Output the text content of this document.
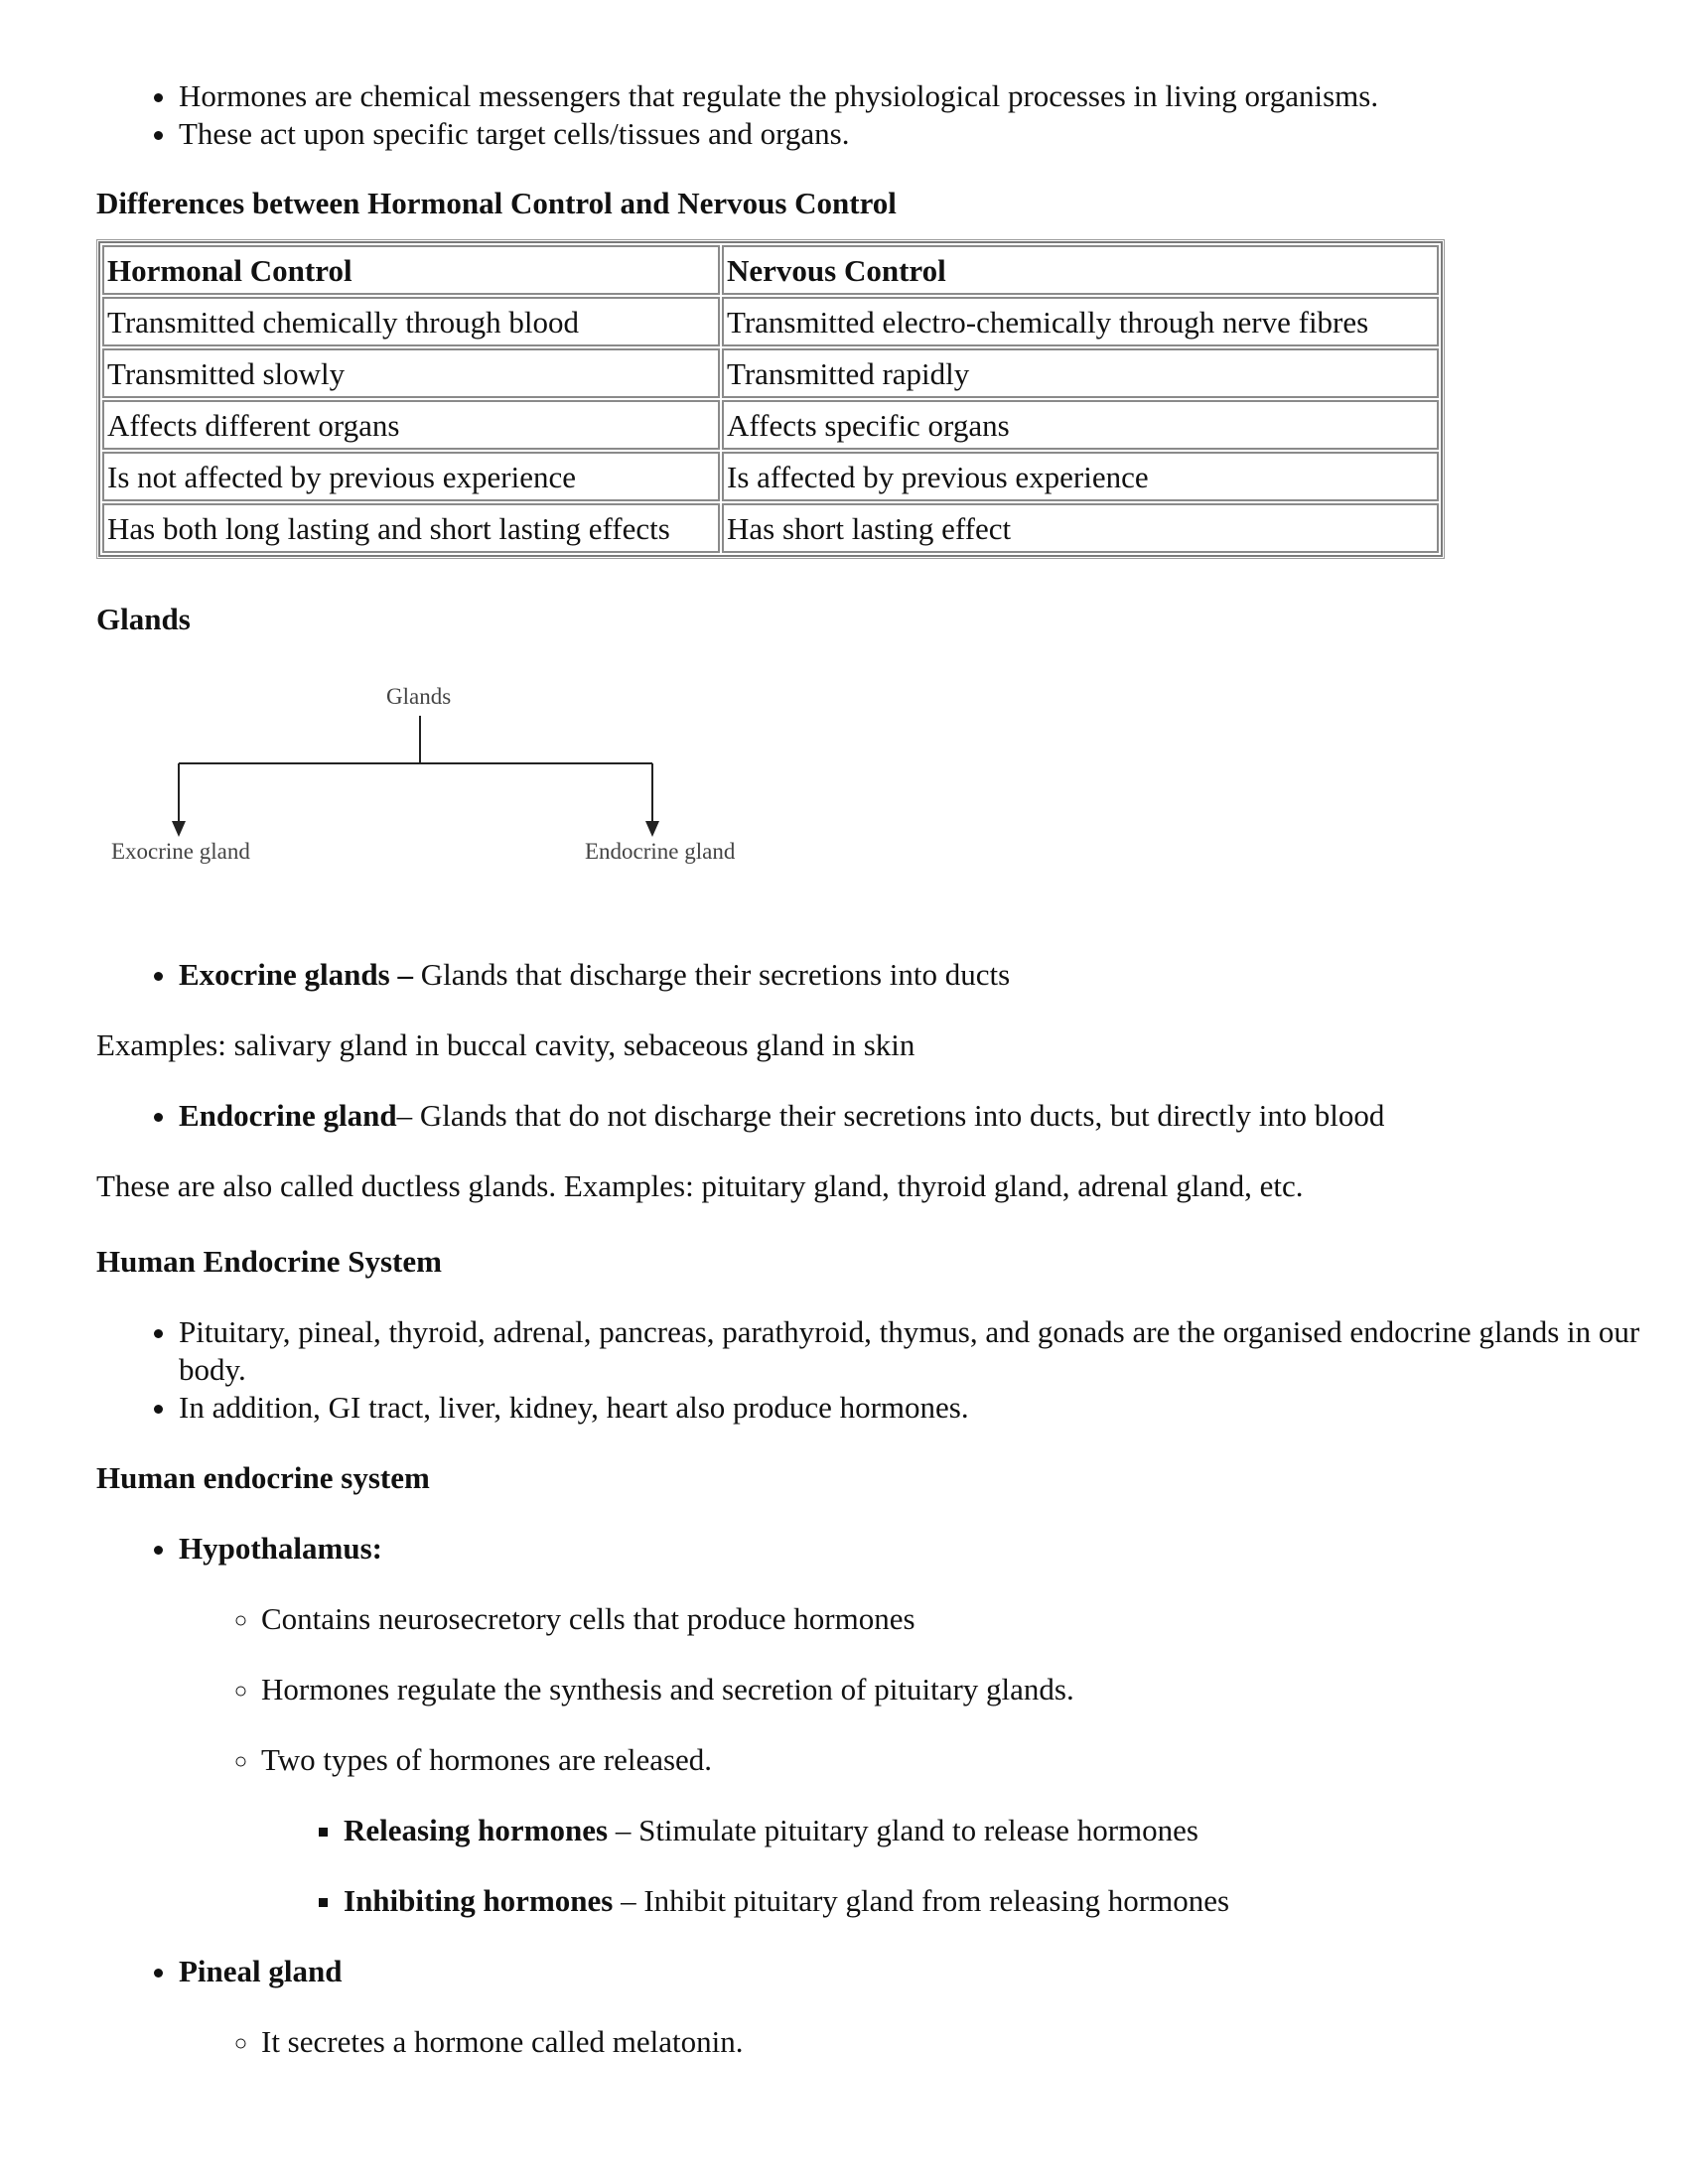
• Hormones are chemical messengers that regulate the physiological processes in living organisms.
• These act upon specific target cells/tissues and organs.

Differences between Hormonal Control and Nervous Control

Hormonal Control	Nervous Control
Transmitted chemically through blood	Transmitted electro-chemically through nerve fibres
Transmitted slowly	Transmitted rapidly
Affects different organs	Affects specific organs
Is not affected by previous experience	Is affected by previous experience
Has both long lasting and short lasting effects	Has short lasting effect

Glands

Glands
Exocrine gland	Endocrine gland
• Exocrine glands – Glands that discharge their secretions into ducts

Examples: salivary gland in buccal cavity, sebaceous gland in skin

• Endocrine gland– Glands that do not discharge their secretions into ducts, but directly into blood

These are also called ductless glands. Examples: pituitary gland, thyroid gland, adrenal gland, etc.

Human Endocrine System

• Pituitary, pineal, thyroid, adrenal, pancreas, parathyroid, thymus, and gonads are the organised endocrine glands in our body.
• In addition, GI tract, liver, kidney, heart also produce hormones.

Human endocrine system

• Hypothalamus:
◦ Contains neurosecretory cells that produce hormones
◦ Hormones regulate the synthesis and secretion of pituitary glands.
◦ Two types of hormones are released.
▪ Releasing hormones – Stimulate pituitary gland to release hormones
▪ Inhibiting hormones – Inhibit pituitary gland from releasing hormones
• Pineal gland
◦ It secretes a hormone called melatonin.
